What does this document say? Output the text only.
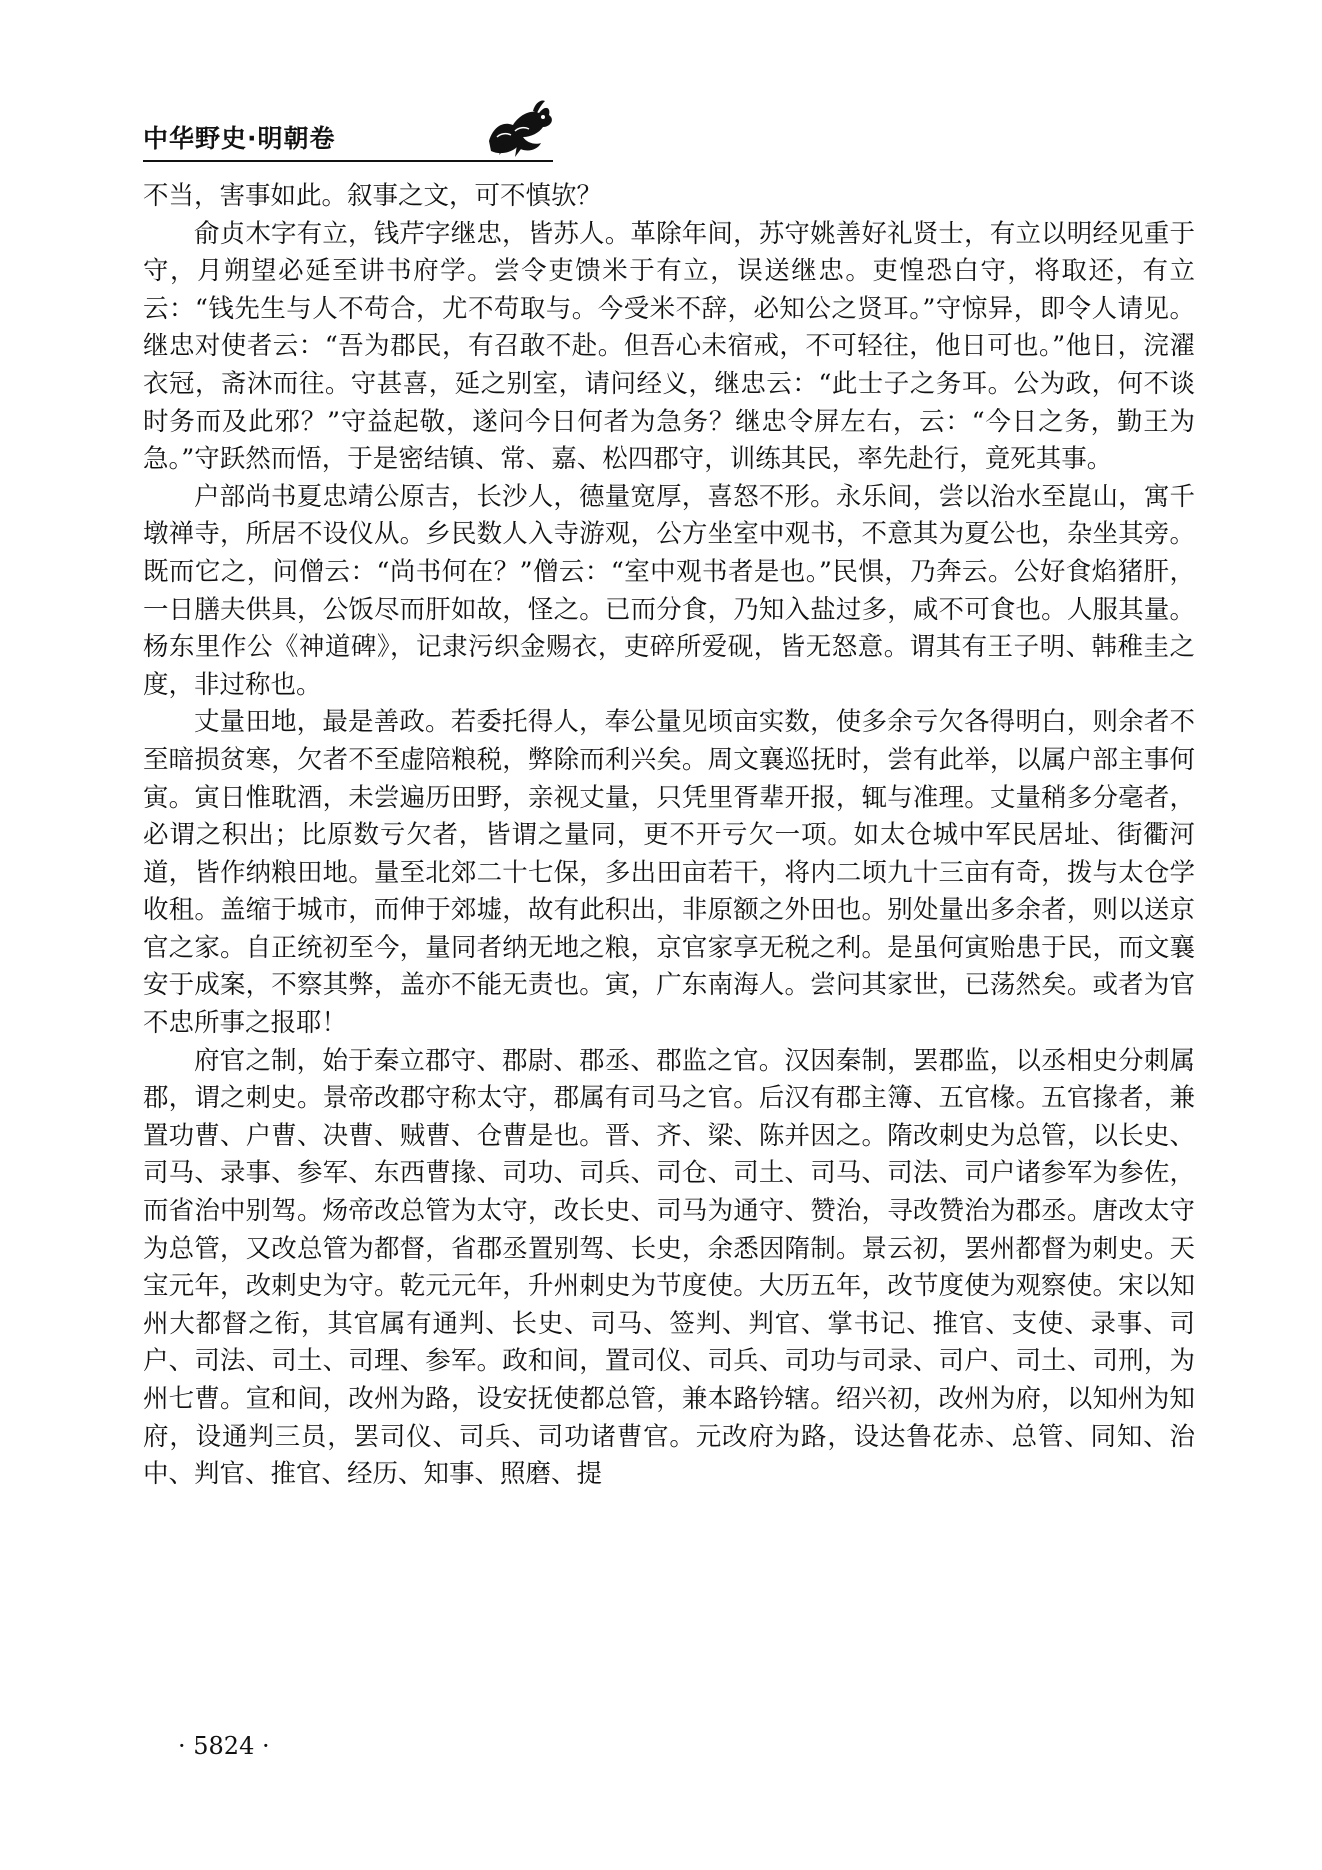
中华野史·明朝卷

不当，害事如此。叙事之文，可不慎欤？

俞贞木字有立，钱芹字继忠，皆苏人。革除年间，苏守姚善好礼贤士，有立以明经见重于守，月朔望必延至讲书府学。尝令吏馈米于有立，误送继忠。吏惶恐白守，将取还，有立云：“钱先生与人不苟合，尤不苟取与。今受米不辞，必知公之贤耳。”守惊异，即令人请见。继忠对使者云：“吾为郡民，有召敢不赴。但吾心未宿戒，不可轻往，他日可也。”他日，浣濯衣冠，斋沐而往。守甚喜，延之别室，请问经义，继忠云：“此士子之务耳。公为政，何不谈时务而及此邪？”守益起敬，遂问今日何者为急务？继忠令屏左右，云：“今日之务，勤王为急。”守跃然而悟，于是密结镇、常、嘉、松四郡守，训练其民，率先赴行，竟死其事。

户部尚书夏忠靖公原吉，长沙人，德量宽厚，喜怒不形。永乐间，尝以治水至崑山，寓千墩禅寺，所居不设仪从。乡民数人入寺游观，公方坐室中观书，不意其为夏公也，杂坐其旁。既而它之，问僧云：“尚书何在？”僧云：“室中观书者是也。”民惧，乃奔云。公好食焰猪肝，一日膳夫供具，公饭尽而肝如故，怪之。已而分食，乃知入盐过多，咸不可食也。人服其量。杨东里作公《神道碑》，记隶污织金赐衣，吏碎所爱砚，皆无怒意。谓其有王子明、韩稚圭之度，非过称也。

丈量田地，最是善政。若委托得人，奉公量见顷亩实数，使多余亏欠各得明白，则余者不至暗损贫寒，欠者不至虚陪粮税，弊除而利兴矣。周文襄巡抚时，尝有此举，以属户部主事何寅。寅日惟耽酒，未尝遍历田野，亲视丈量，只凭里胥辈开报，辄与准理。丈量稍多分毫者，必谓之积出；比原数亏欠者，皆谓之量同，更不开亏欠一项。如太仓城中军民居址、街衢河道，皆作纳粮田地。量至北郊二十七保，多出田亩若干，将内二顷九十三亩有奇，拨与太仓学收租。盖缩于城市，而伸于郊墟，故有此积出，非原额之外田也。别处量出多余者，则以送京官之家。自正统初至今，量同者纳无地之粮，京官家享无税之利。是虽何寅贻患于民，而文襄安于成案，不察其弊，盖亦不能无责也。寅，广东南海人。尝问其家世，已荡然矣。或者为官不忠所事之报耶！

府官之制，始于秦立郡守、郡尉、郡丞、郡监之官。汉因秦制，罢郡监，以丞相史分刺属郡，谓之刺史。景帝改郡守称太守，郡属有司马之官。后汉有郡主簿、五官椽。五官掾者，兼置功曹、户曹、决曹、贼曹、仓曹是也。晋、齐、梁、陈并因之。隋改刺史为总管，以长史、司马、录事、参军、东西曹掾、司功、司兵、司仓、司土、司马、司法、司户诸参军为参佐，而省治中别驾。炀帝改总管为太守，改长史、司马为通守、赞治，寻改赞治为郡丞。唐改太守为总管，又改总管为都督，省郡丞置别驾、长史，余悉因隋制。景云初，罢州都督为刺史。天宝元年，改刺史为守。乾元元年，升州刺史为节度使。大历五年，改节度使为观察使。宋以知州大都督之衔，其官属有通判、长史、司马、签判、判官、掌书记、推官、支使、录事、司户、司法、司土、司理、参军。政和间，置司仪、司兵、司功与司录、司户、司土、司刑，为州七曹。宣和间，改州为路，设安抚使都总管，兼本路钤辖。绍兴初，改州为府，以知州为知府，设通判三员，罢司仪、司兵、司功诸曹官。元改府为路，设达鲁花赤、总管、同知、治中、判官、推官、经历、知事、照磨、提

· 5824 ·
